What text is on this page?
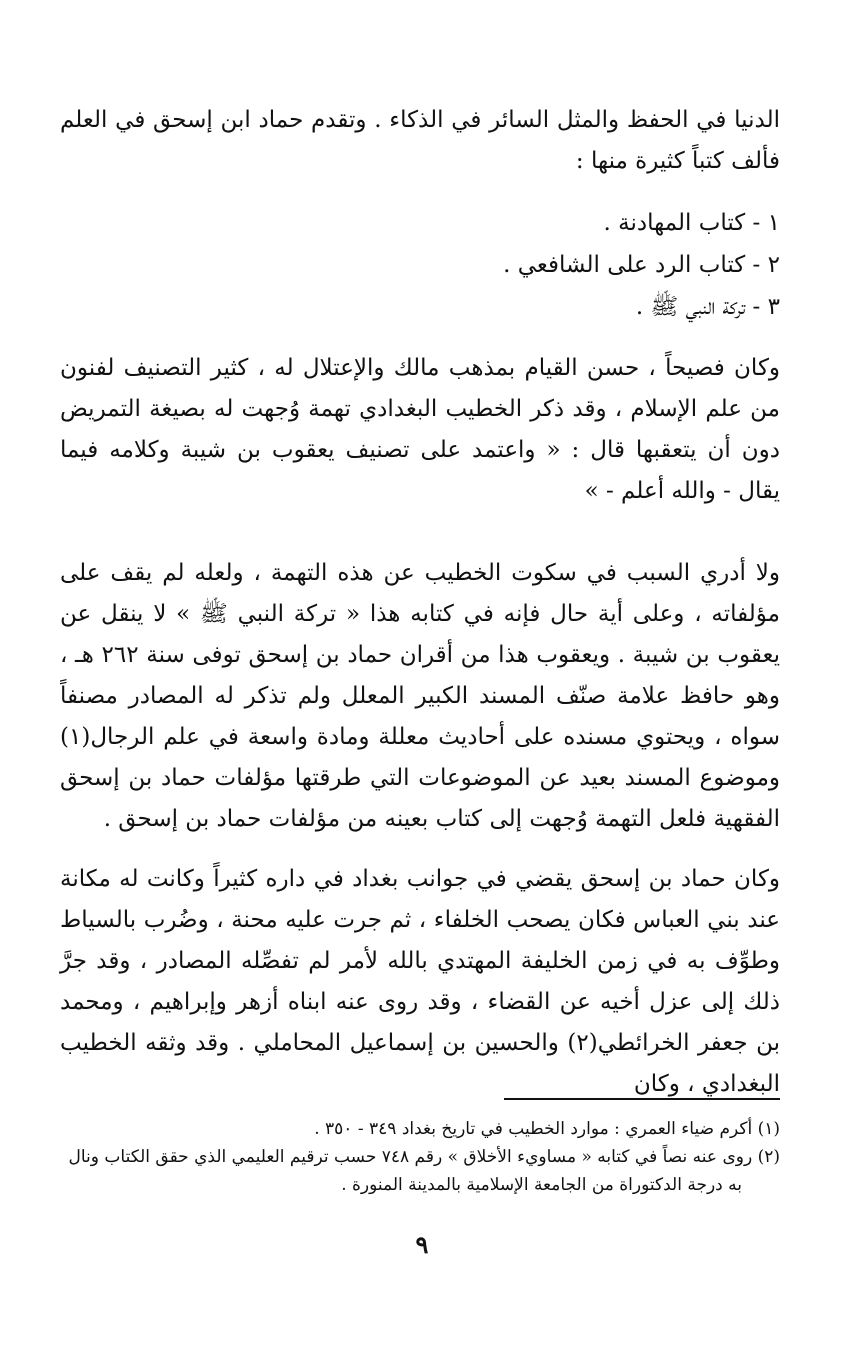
الدنيا في الحفظ والمثل السائر في الذكاء . وتقدم حماد ابن إسحق في العلم فألف كتباً كثيرة منها :

١ - كتاب المهادنة .
٢ - كتاب الرد على الشافعي .
٣ - تركة النبي ﷺ .

وكان فصيحاً ، حسن القيام بمذهب مالك والإعتلال له ، كثير التصنيف لفنون من علم الإسلام ، وقد ذكر الخطيب البغدادي تهمة وُجهت له بصيغة التمريض دون أن يتعقبها قال : « واعتمد على تصنيف يعقوب بن شيبة وكلامه فيما يقال - والله أعلم - »

ولا أدري السبب في سكوت الخطيب عن هذه التهمة ، ولعله لم يقف على مؤلفاته ، وعلى أية حال فإنه في كتابه هذا « تركة النبي ﷺ » لا ينقل عن يعقوب بن شيبة . ويعقوب هذا من أقران حماد بن إسحق توفى سنة ٢٦٢ هـ ، وهو حافظ علامة صنّف المسند الكبير المعلل ولم تذكر له المصادر مصنفاً سواه ، ويحتوي مسنده على أحاديث معللة ومادة واسعة في علم الرجال(١) وموضوع المسند بعيد عن الموضوعات التي طرقتها مؤلفات حماد بن إسحق الفقهية فلعل التهمة وُجهت إلى كتاب بعينه من مؤلفات حماد بن إسحق .

وكان حماد بن إسحق يقضي في جوانب بغداد في داره كثيراً وكانت له مكانة عند بني العباس فكان يصحب الخلفاء ، ثم جرت عليه محنة ، وضُرب بالسياط وطوِّف به في زمن الخليفة المهتدي بالله لأمر لم تفصِّله المصادر ، وقد جرَّ ذلك إلى عزل أخيه عن القضاء ، وقد روى عنه ابناه أزهر وإبراهيم ، ومحمد بن جعفر الخرائطي(٢) والحسين بن إسماعيل المحاملي . وقد وثقه الخطيب البغدادي ، وكان

(١) أكرم ضياء العمري : موارد الخطيب في تاريخ بغداد ٣٤٩ - ٣٥٠ .

(٢) روى عنه نصاً في كتابه « مساويء الأخلاق » رقم ٧٤٨ حسب ترقيم العليمي الذي حقق الكتاب ونال

به درجة الدكتوراة من الجامعة الإسلامية بالمدينة المنورة .

٩
